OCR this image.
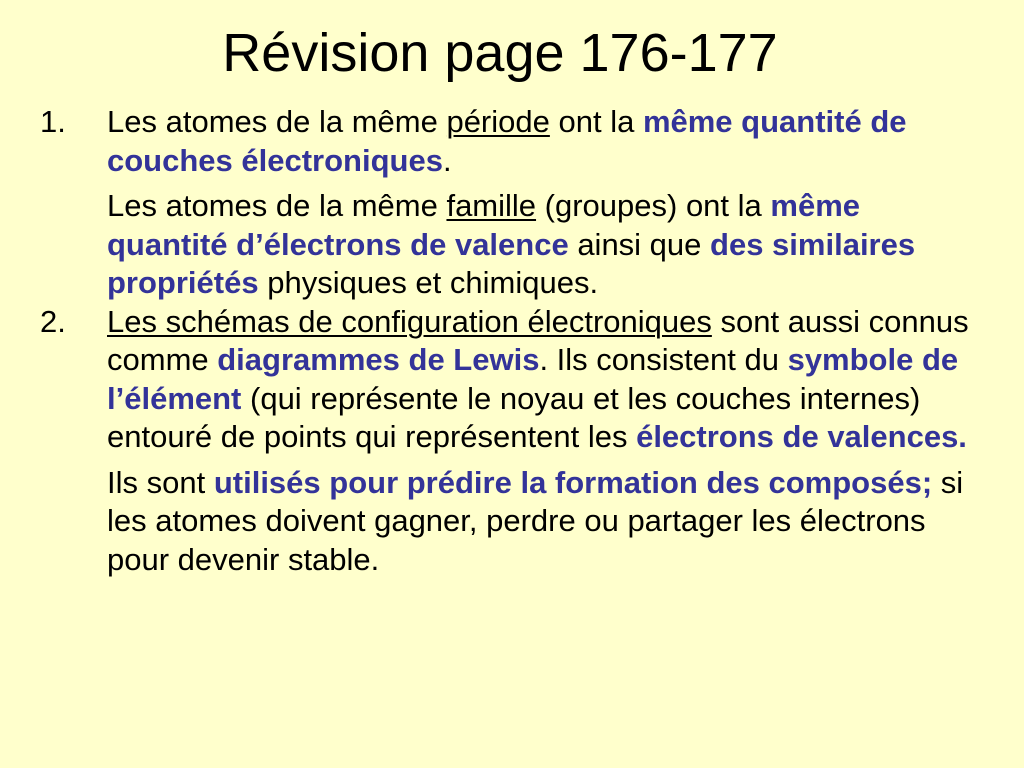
Révision page 176-177
1. Les atomes de la même période ont la même quantité de couches électroniques.

Les atomes de la même famille (groupes) ont la même quantité d’électrons de valence ainsi que des similaires propriétés physiques et chimiques.

2. Les schémas de configuration électroniques sont aussi connus comme diagrammes de Lewis. Ils consistent du symbole de l’élément (qui représente le noyau et les couches internes) entouré de points qui représentent les électrons de valences.

Ils sont utilisés pour prédire la formation des composés; si les atomes doivent gagner, perdre ou partager les électrons pour devenir stable.
